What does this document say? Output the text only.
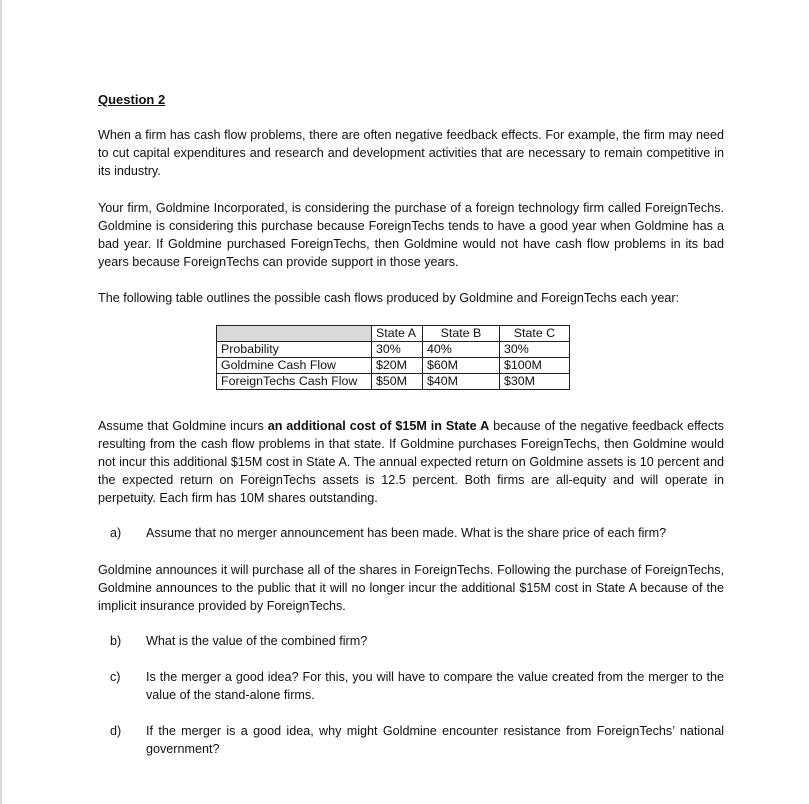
Question 2

When a firm has cash flow problems, there are often negative feedback effects. For example, the firm may need to cut capital expenditures and research and development activities that are necessary to remain competitive in its industry.

Your firm, Goldmine Incorporated, is considering the purchase of a foreign technology firm called ForeignTechs. Goldmine is considering this purchase because ForeignTechs tends to have a good year when Goldmine has a bad year. If Goldmine purchased ForeignTechs, then Goldmine would not have cash flow problems in its bad years because ForeignTechs can provide support in those years.

The following table outlines the possible cash flows produced by Goldmine and ForeignTechs each year:

	State A	State B	State C
Probability	30%	40%	30%
Goldmine Cash Flow	$20M	$60M	$100M
ForeignTechs Cash Flow	$50M	$40M	$30M

Assume that Goldmine incurs an additional cost of $15M in State A because of the negative feedback effects resulting from the cash flow problems in that state. If Goldmine purchases ForeignTechs, then Goldmine would not incur this additional $15M cost in State A. The annual expected return on Goldmine assets is 10 percent and the expected return on ForeignTechs assets is 12.5 percent. Both firms are all-equity and will operate in perpetuity. Each firm has 10M shares outstanding.

a) Assume that no merger announcement has been made. What is the share price of each firm?

Goldmine announces it will purchase all of the shares in ForeignTechs. Following the purchase of ForeignTechs, Goldmine announces to the public that it will no longer incur the additional $15M cost in State A because of the implicit insurance provided by ForeignTechs.

b) What is the value of the combined firm?
c) Is the merger a good idea? For this, you will have to compare the value created from the merger to the value of the stand-alone firms.
d) If the merger is a good idea, why might Goldmine encounter resistance from ForeignTechs’ national government?
